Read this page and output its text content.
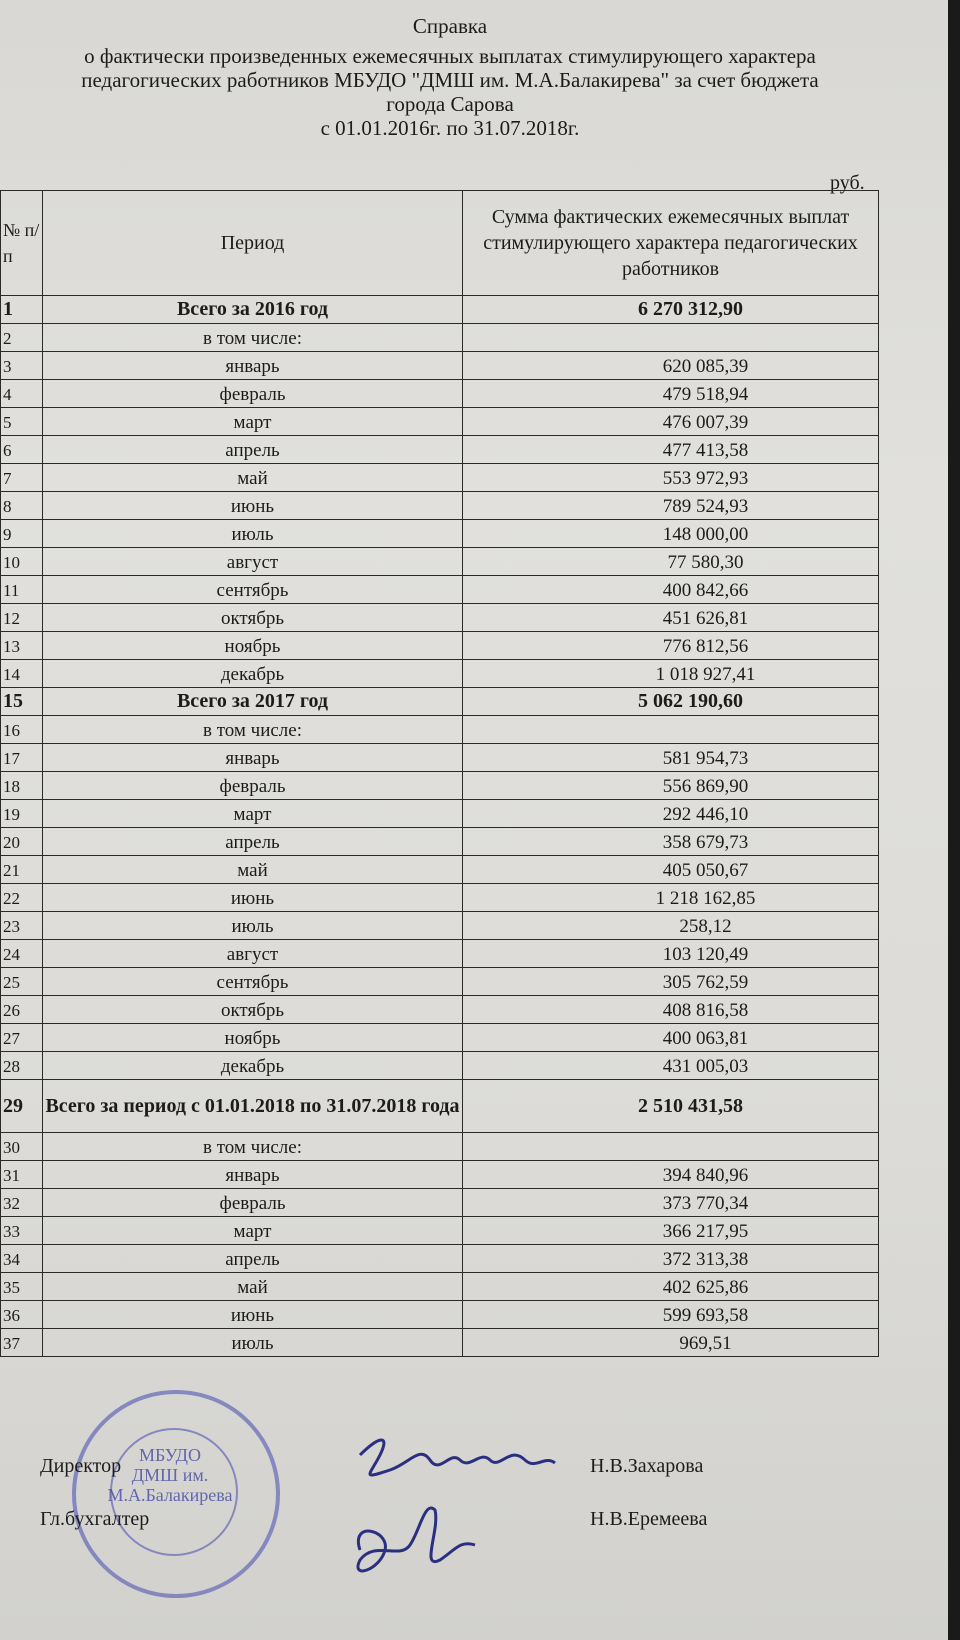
Справка
о фактически произведенных ежемесячных выплатах стимулирующего характера
педагогических работников МБУДО "ДМШ им. М.А.Балакирева" за счет бюджета
города Сарова
с 01.01.2016г. по 31.07.2018г.
руб.
№ п/п	Период	Сумма фактических ежемесячных выплат стимулирующего характера педагогических работников
1	Всего за 2016 год	6 270 312,90
2	в том числе:	
3	январь	620 085,39
4	февраль	479 518,94
5	март	476 007,39
6	апрель	477 413,58
7	май	553 972,93
8	июнь	789 524,93
9	июль	148 000,00
10	август	77 580,30
11	сентябрь	400 842,66
12	октябрь	451 626,81
13	ноябрь	776 812,56
14	декабрь	1 018 927,41
15	Всего за 2017 год	5 062 190,60
16	в том числе:	
17	январь	581 954,73
18	февраль	556 869,90
19	март	292 446,10
20	апрель	358 679,73
21	май	405 050,67
22	июнь	1 218 162,85
23	июль	258,12
24	август	103 120,49
25	сентябрь	305 762,59
26	октябрь	408 816,58
27	ноябрь	400 063,81
28	декабрь	431 005,03
29	Всего за период с 01.01.2018 по 31.07.2018 года	2 510 431,58
30	в том числе:	
31	январь	394 840,96
32	февраль	373 770,34
33	март	366 217,95
34	апрель	372 313,38
35	май	402 625,86
36	июнь	599 693,58
37	июль	969,51
МБУДО
ДМШ им.
М.А.Балакирева
Директор	Н.В.Захарова
Гл.бухгалтер	Н.В.Еремеева
